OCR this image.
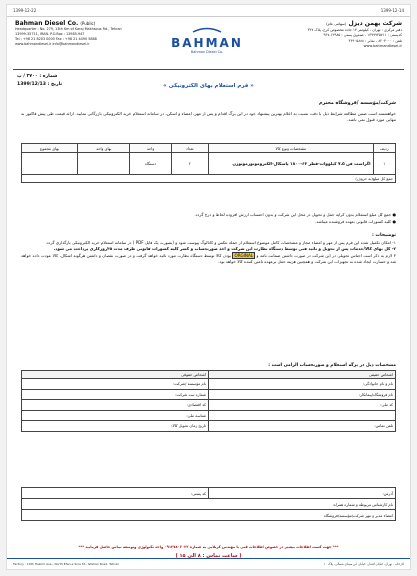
1399-12-22	1399-12-14
Bahman Diesel Co. (Public)
Headquarter : No. 279, 13th Km of Karaj Makhsous Rd., Tehran
13999-35711, IRAN. P.O.Box : 13985-947
Tel : +98 21 8203 0000 Fax : +98 21 4490 5888
www.bahmandiesel.ir info@bahmandiesel.ir	BAHMAN
Bahman Diesel Co.
شرکت بهمن دیزل (سهامی عام)
دفتر مرکزی : تهران ، کیلومتر ۱۳ جاده مخصوص کرج، پلاک ۳۲۷
کدپستی : ۱۳۹۹۹۳۵۷۱۱ - صندوق پستی : ۱۳۹۸۵-۹۴۷
تلفن : ۸۲۰۳۰۰۰ - نمابر : ۴۴۹۰۵۸۸۸
www.bahmandiesel.ir
شماره : ۲۷۰۰ / پ
تاریخ : 1399/12/13	« فرم استعلام بهای الکترونیکی »
شرکت/مؤسسه /فروشگاه محترم
خواهشمند است ضمن مطالعه شرایط ذیل با دقت نسبت به اعلام بهترین پیشنهاد خود در این برگ اقدام و پس از مهر، امضاء و اسکن، در سامانه استعلام خرید الکترونیکی بازرگانی نمایید. ارائه قیمت طی پیش فاکتور به تنهایی مورد قبول نمی باشد.
ردیف	مشخصات ونوع کالا	تعداد	واحد	بهای واحد	بهای مجموع
۱	اگزاست فن ۷.۵ کیلووات-قطر ۶۳-۱۸۰۰ پاسکال-الکتروموتورموتوژن	۲	دستگاه		
جمع کل مبلغ(به حروف)					

● جمع کل مبلغ استعلام بدون کرایه حمل و تحویل در محل این شرکت و بدون احتساب ارزش افزوده لحاظ و درج گردد.

● کلیه کسورات قانونی بعهده فروشنده میباشد.

توضیحات :

۱- امکان تکمیل شده این فرم پس از مهر و امضاء مجاز و مشخصات کامل موضوع استعلام از جمله عکس و کاتالوگ پیوست شود و (بصورت یک فایل PDF ) در سامانه استعلام خرید الکترونیکی بارگذاری گردد.

۲- کل بهای کالا/خدمات پس از تحویل و تائید فنی توسط دستگاه نظارت این شرکت و اخذ صورتحساب و کسر کلیه کسورات قانونی ظرف مدت ۴۵روزکاری پرداخت می شود.

۳ لازم به ذکر است اجناس تحویلی در این شرکت در صورت داشتن ضمانت نامه و ORGINAL بودن کالا توسط دستگاه نظارت مورد تائید خواهد گرفت و در صورت نقصان و داشتن هرگونه اشکال، کالا عودت داده خواهد شد و خسارت ایجاد شده به تجهیزات این شرکت و همچنین هزینه حمل برعهده تامین کننده کالا خواهد بود.

مشخصات ذیل در برگه استعلام و صورتحساب الزامی است :
اشخاص حقیقی	اشخاص حقوقی
نام و نام خانوادگی:	نام مؤسسه /شرکت:
نام فروشگاه/پیمانکار:	شماره ثبت شرکت:
کد ملی:	کد اقتصادی:
	شناسه ملی:
تلفن تماس:	تاریخ زمان تحویل کالا:
آدرس:	کد پستی:
نام کارشناس مربوطه و شماره همراه:
امضاء مدیر و مهر شرکت/مؤسسه/فروشگاه
*** جهت کسب اطلاعات بیشتر در خصوص اطلاعات فنی با مهندس کربلایی به شماره ۰۹۱۲۷۸۰۶۰۲۲ واحد تکنولوژی وتوسعه تماس حاصل فرمایید ***
( ساعت تماس : ۸ الی ۱۵ )
Factory : 10th Hakimi Ave., North Efan-e Sina St., Isfahan Road, Tehran	کارخانه : تهران، خیابان اقتدار، خیابان ابن سینای شمالی، پلاک ۱۰
